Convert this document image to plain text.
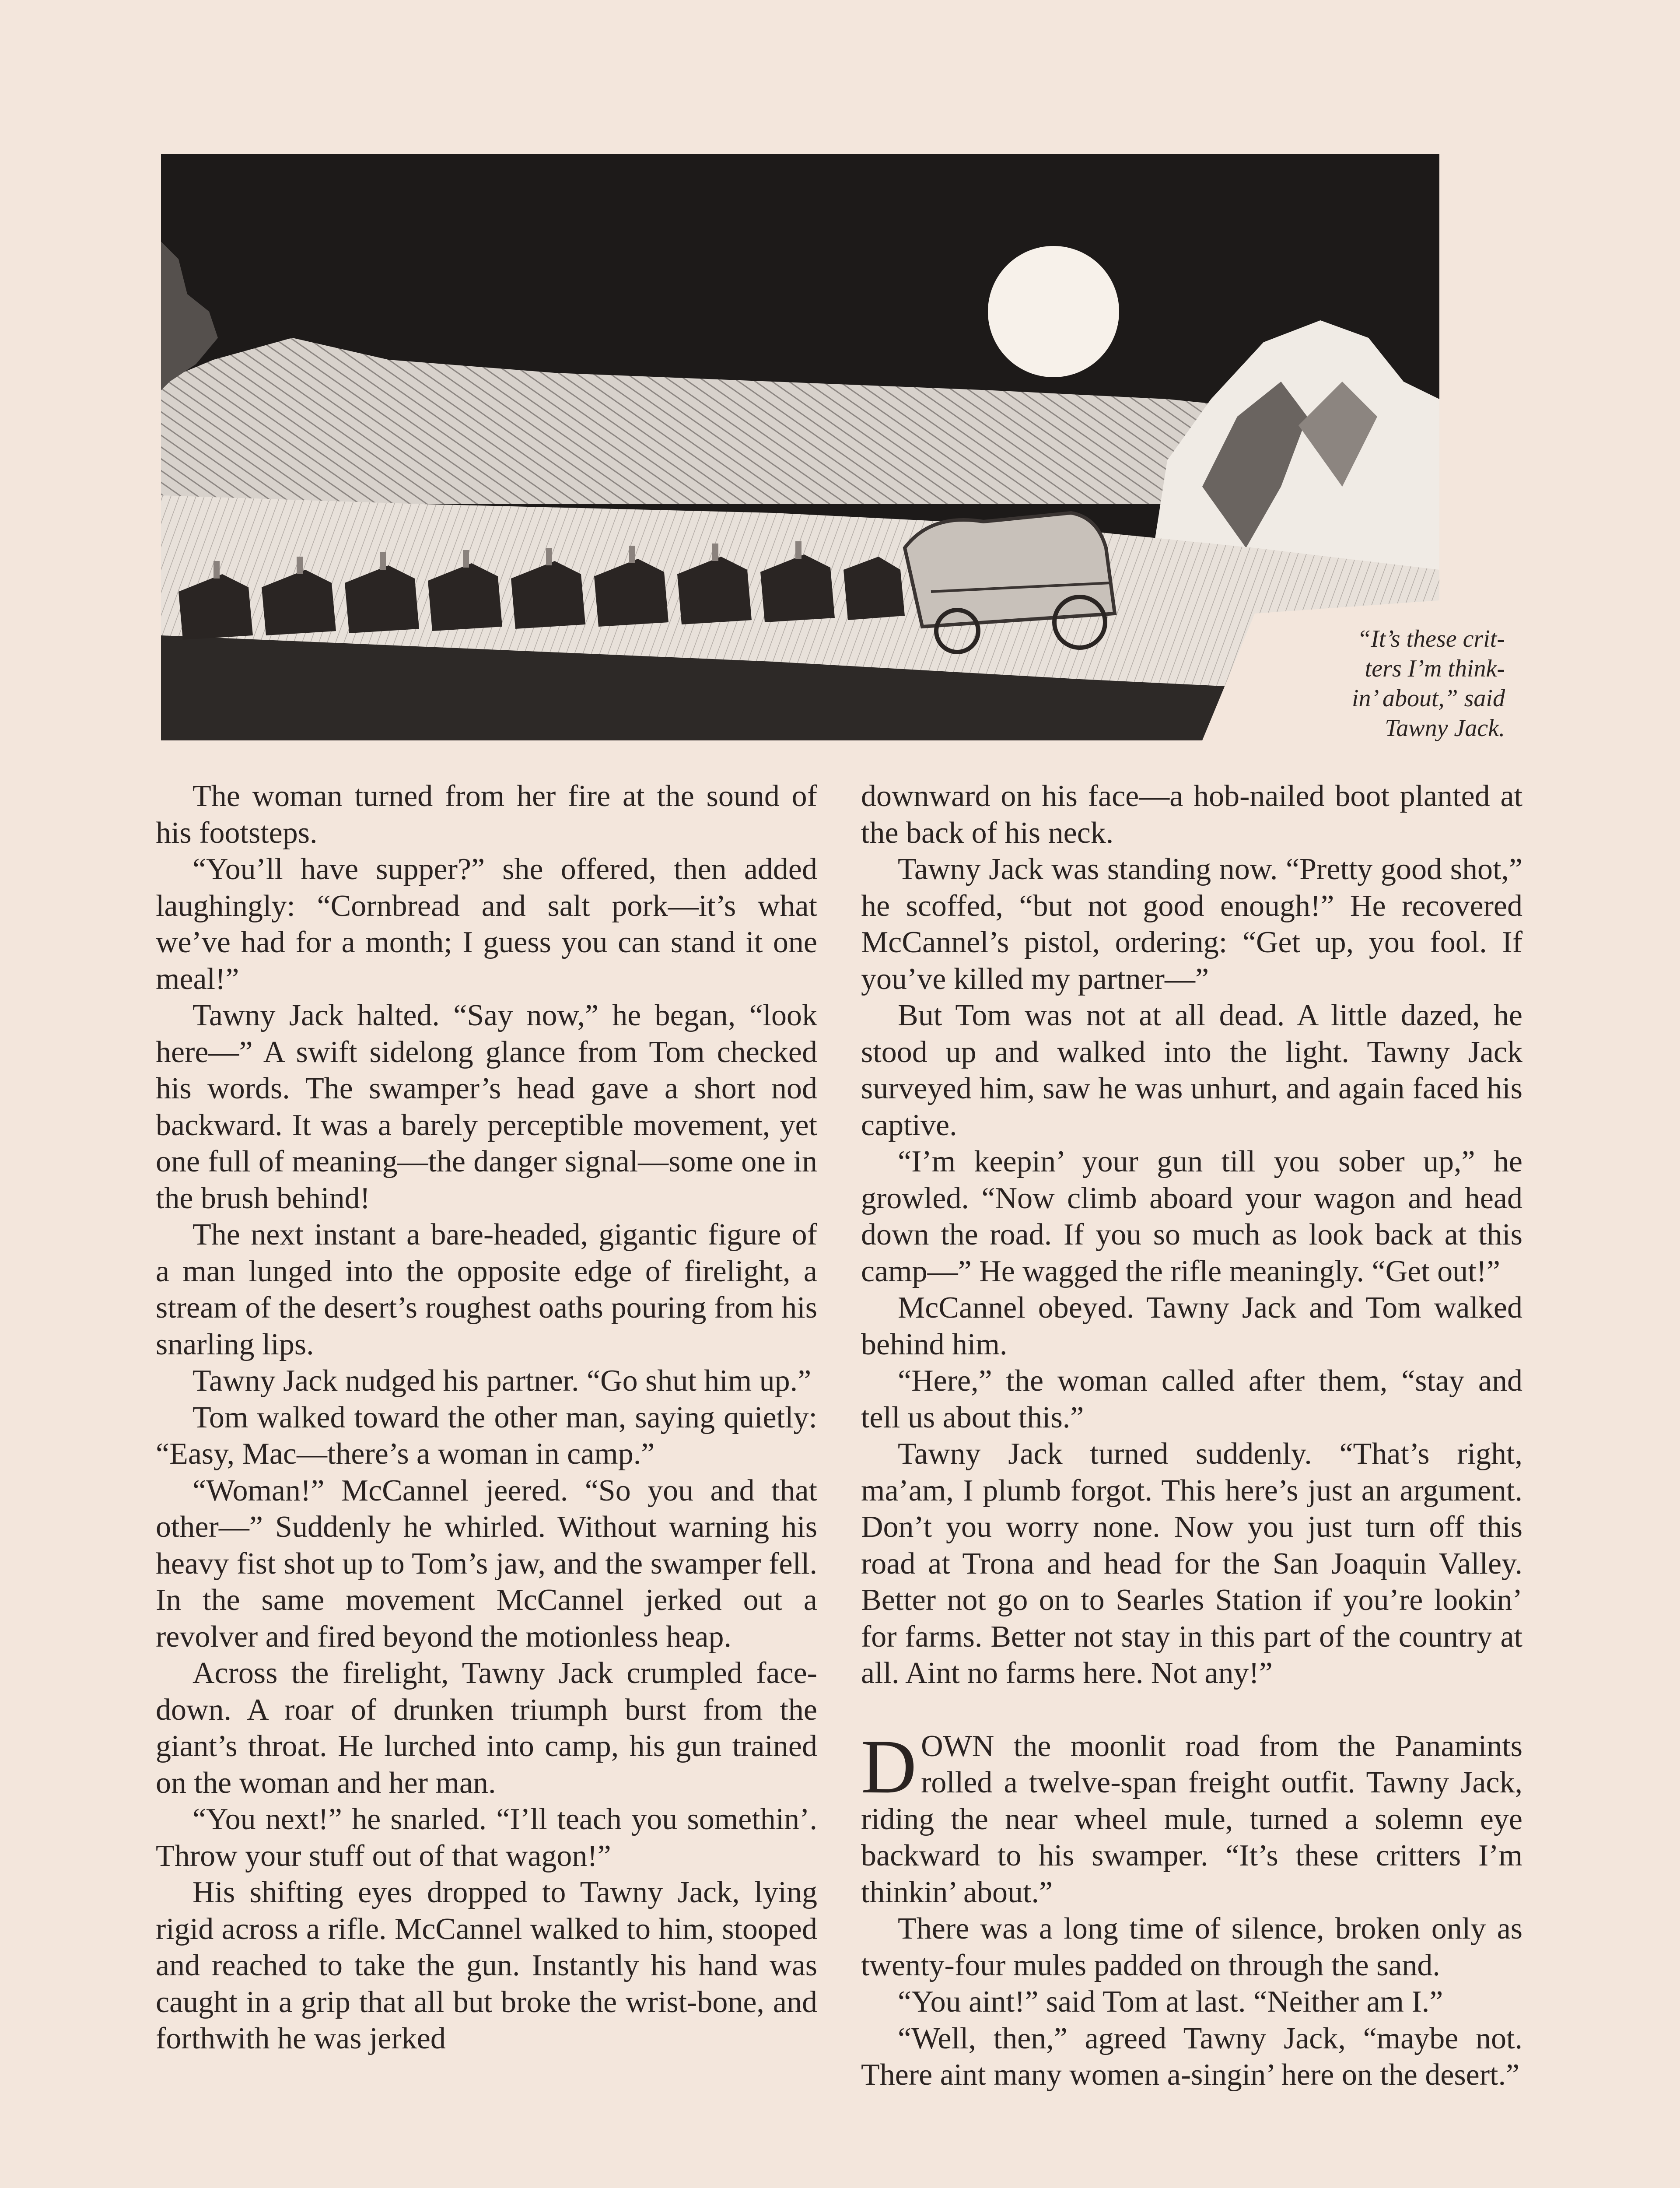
“It’s these crit-
ters I’m think-
in’ about,” said
Tawny Jack.

The woman turned from her fire at the sound of his footsteps.

“You’ll have supper?” she offered, then added laughingly: “Cornbread and salt pork—it’s what we’ve had for a month; I guess you can stand it one meal!”

Tawny Jack halted. “Say now,” he began, “look here—” A swift sidelong glance from Tom checked his words. The swamper’s head gave a short nod backward. It was a barely perceptible movement, yet one full of meaning—the danger signal—some one in the brush behind!

The next instant a bare-headed, gigantic figure of a man lunged into the opposite edge of firelight, a stream of the desert’s roughest oaths pouring from his snarling lips.

Tawny Jack nudged his partner. “Go shut him up.”

Tom walked toward the other man, saying quietly: “Easy, Mac—there’s a woman in camp.”

“Woman!” McCannel jeered. “So you and that other—” Suddenly he whirled. Without warning his heavy fist shot up to Tom’s jaw, and the swamper fell. In the same movement McCannel jerked out a revolver and fired beyond the motionless heap.

Across the firelight, Tawny Jack crumpled face-down. A roar of drunken triumph burst from the giant’s throat. He lurched into camp, his gun trained on the woman and her man.

“You next!” he snarled. “I’ll teach you somethin’. Throw your stuff out of that wagon!”

His shifting eyes dropped to Tawny Jack, lying rigid across a rifle. McCannel walked to him, stooped and reached to take the gun. Instantly his hand was caught in a grip that all but broke the wrist-bone, and forthwith he was jerked

downward on his face—a hob-nailed boot planted at the back of his neck.

Tawny Jack was standing now. “Pretty good shot,” he scoffed, “but not good enough!” He recovered McCannel’s pistol, ordering: “Get up, you fool. If you’ve killed my partner—”

But Tom was not at all dead. A little dazed, he stood up and walked into the light. Tawny Jack surveyed him, saw he was unhurt, and again faced his captive.

“I’m keepin’ your gun till you sober up,” he growled. “Now climb aboard your wagon and head down the road. If you so much as look back at this camp—” He wagged the rifle meaningly. “Get out!”

McCannel obeyed. Tawny Jack and Tom walked behind him.

“Here,” the woman called after them, “stay and tell us about this.”

Tawny Jack turned suddenly. “That’s right, ma’am, I plumb forgot. This here’s just an argument. Don’t you worry none. Now you just turn off this road at Trona and head for the San Joaquin Valley. Better not go on to Searles Station if you’re lookin’ for farms. Better not stay in this part of the country at all. Aint no farms here. Not any!”

DOWN the moonlit road from the Panamints rolled a twelve-span freight outfit. Tawny Jack, riding the near wheel mule, turned a solemn eye backward to his swamper. “It’s these critters I’m thinkin’ about.”

There was a long time of silence, broken only as twenty-four mules padded on through the sand.

“You aint!” said Tom at last. “Neither am I.”

“Well, then,” agreed Tawny Jack, “maybe not. There aint many women a-singin’ here on the desert.”
